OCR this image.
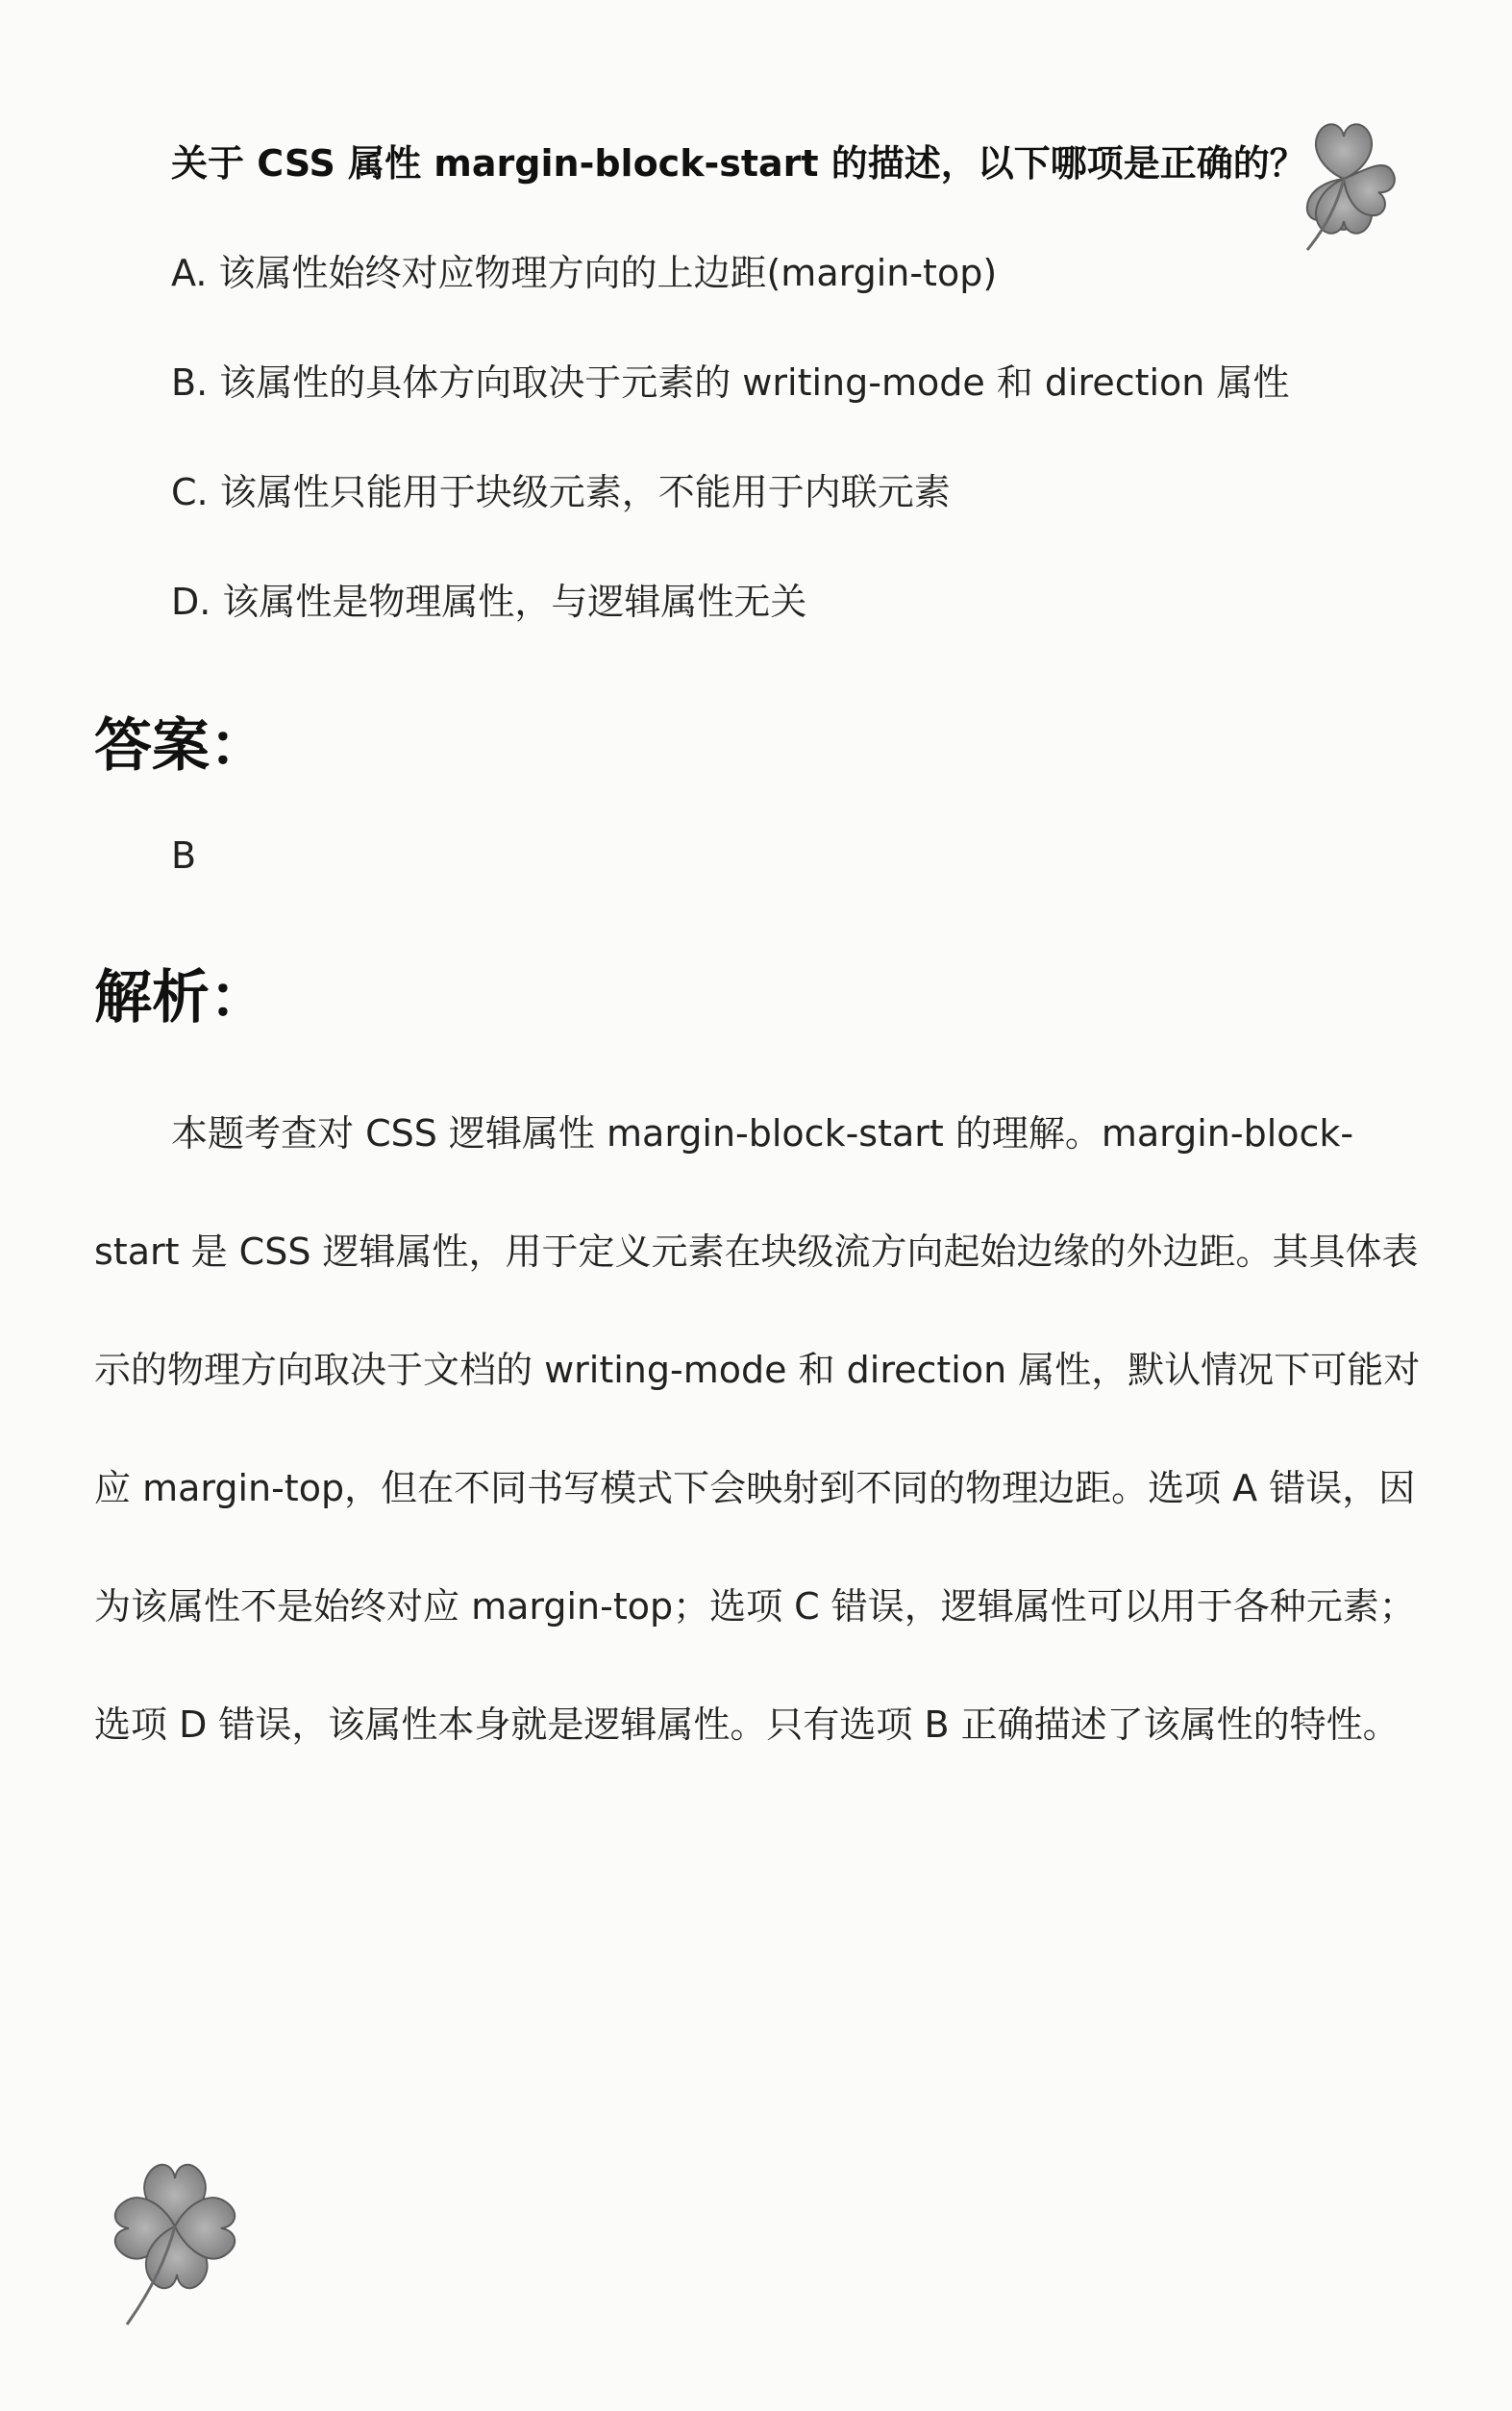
关于 CSS 属性 margin-block-start 的描述，以下哪项是正确的？
A. 该属性始终对应物理方向的上边距(margin-top)
B. 该属性的具体方向取决于元素的 writing-mode 和 direction 属性
C. 该属性只能用于块级元素，不能用于内联元素
D. 该属性是物理属性，与逻辑属性无关
答案：
B
解析：

本题考查对 CSS 逻辑属性 margin-block-start 的理解。margin-block-start 是 CSS 逻辑属性，用于定义元素在块级流方向起始边缘的外边距。其具体表示的物理方向取决于文档的 writing-mode 和 direction 属性，默认情况下可能对应 margin-top，但在不同书写模式下会映射到不同的物理边距。选项 A 错误，因为该属性不是始终对应 margin-top；选项 C 错误，逻辑属性可以用于各种元素；选项 D 错误，该属性本身就是逻辑属性。只有选项 B 正确描述了该属性的特性。
